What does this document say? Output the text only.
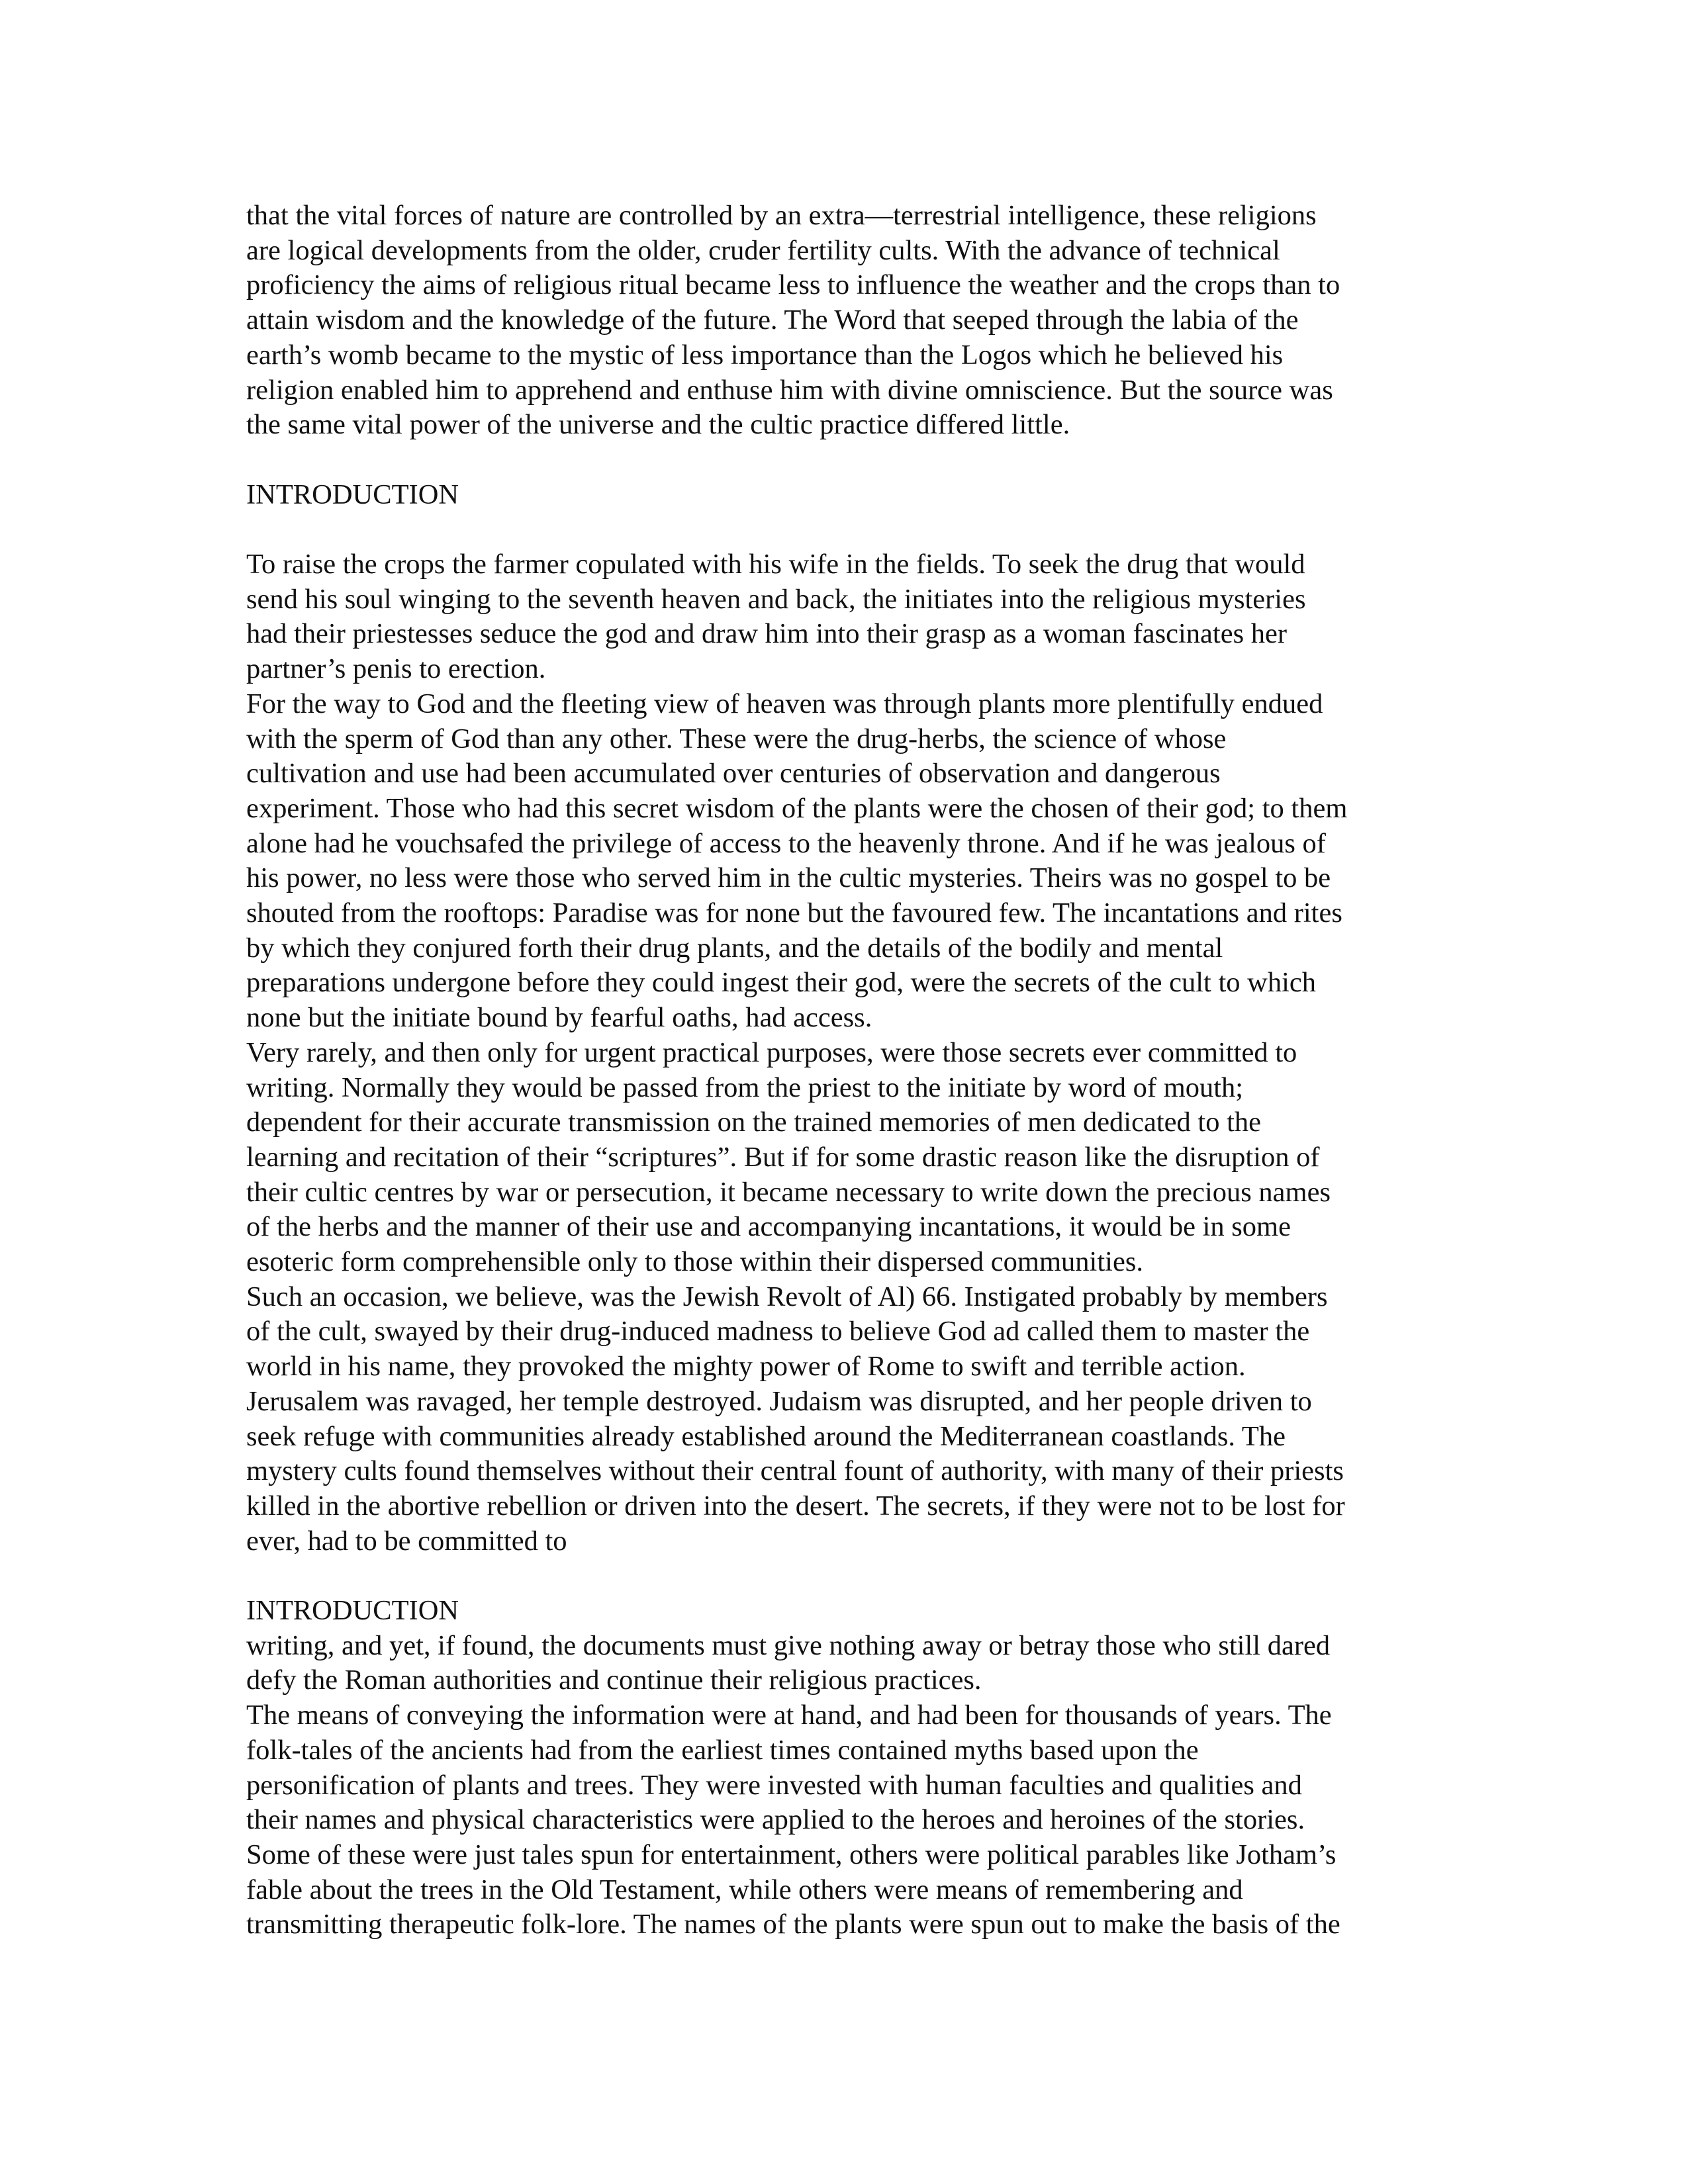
that the vital forces of nature are controlled by an extra—terrestrial intelligence, these religions
are logical developments from the older, cruder fertility cults. With the advance of technical
proficiency the aims of religious ritual became less to influence the weather and the crops than to
attain wisdom and the knowledge of the future. The Word that seeped through the labia of the
earth’s womb became to the mystic of less importance than the Logos which he believed his
religion enabled him to apprehend and enthuse him with divine omniscience. But the source was
the same vital power of the universe and the cultic practice differed little.
INTRODUCTION
To raise the crops the farmer copulated with his wife in the fields. To seek the drug that would
send his soul winging to the seventh heaven and back, the initiates into the religious mysteries
had their priestesses seduce the god and draw him into their grasp as a woman fascinates her
partner’s penis to erection.
For the way to God and the fleeting view of heaven was through plants more plentifully endued
with the sperm of God than any other. These were the drug-herbs, the science of whose
cultivation and use had been accumulated over centuries of observation and dangerous
experiment. Those who had this secret wisdom of the plants were the chosen of their god; to them
alone had he vouchsafed the privilege of access to the heavenly throne. And if he was jealous of
his power, no less were those who served him in the cultic mysteries. Theirs was no gospel to be
shouted from the rooftops: Paradise was for none but the favoured few. The incantations and rites
by which they conjured forth their drug plants, and the details of the bodily and mental
preparations undergone before they could ingest their god, were the secrets of the cult to which
none but the initiate bound by fearful oaths, had access.
Very rarely, and then only for urgent practical purposes, were those secrets ever committed to
writing. Normally they would be passed from the priest to the initiate by word of mouth;
dependent for their accurate transmission on the trained memories of men dedicated to the
learning and recitation of their “scriptures”. But if for some drastic reason like the disruption of
their cultic centres by war or persecution, it became necessary to write down the precious names
of the herbs and the manner of their use and accompanying incantations, it would be in some
esoteric form comprehensible only to those within their dispersed communities.
Such an occasion, we believe, was the Jewish Revolt of Al) 66. Instigated probably by members
of the cult, swayed by their drug-induced madness to believe God ad called them to master the
world in his name, they provoked the mighty power of Rome to swift and terrible action.
Jerusalem was ravaged, her temple destroyed. Judaism was disrupted, and her people driven to
seek refuge with communities already established around the Mediterranean coastlands. The
mystery cults found themselves without their central fount of authority, with many of their priests
killed in the abortive rebellion or driven into the desert. The secrets, if they were not to be lost for
ever, had to be committed to
INTRODUCTION
writing, and yet, if found, the documents must give nothing away or betray those who still dared
defy the Roman authorities and continue their religious practices.
The means of conveying the information were at hand, and had been for thousands of years. The
folk-tales of the ancients had from the earliest times contained myths based upon the
personification of plants and trees. They were invested with human faculties and qualities and
their names and physical characteristics were applied to the heroes and heroines of the stories.
Some of these were just tales spun for entertainment, others were political parables like Jotham’s
fable about the trees in the Old Testament, while others were means of remembering and
transmitting therapeutic folk-lore. The names of the plants were spun out to make the basis of the
